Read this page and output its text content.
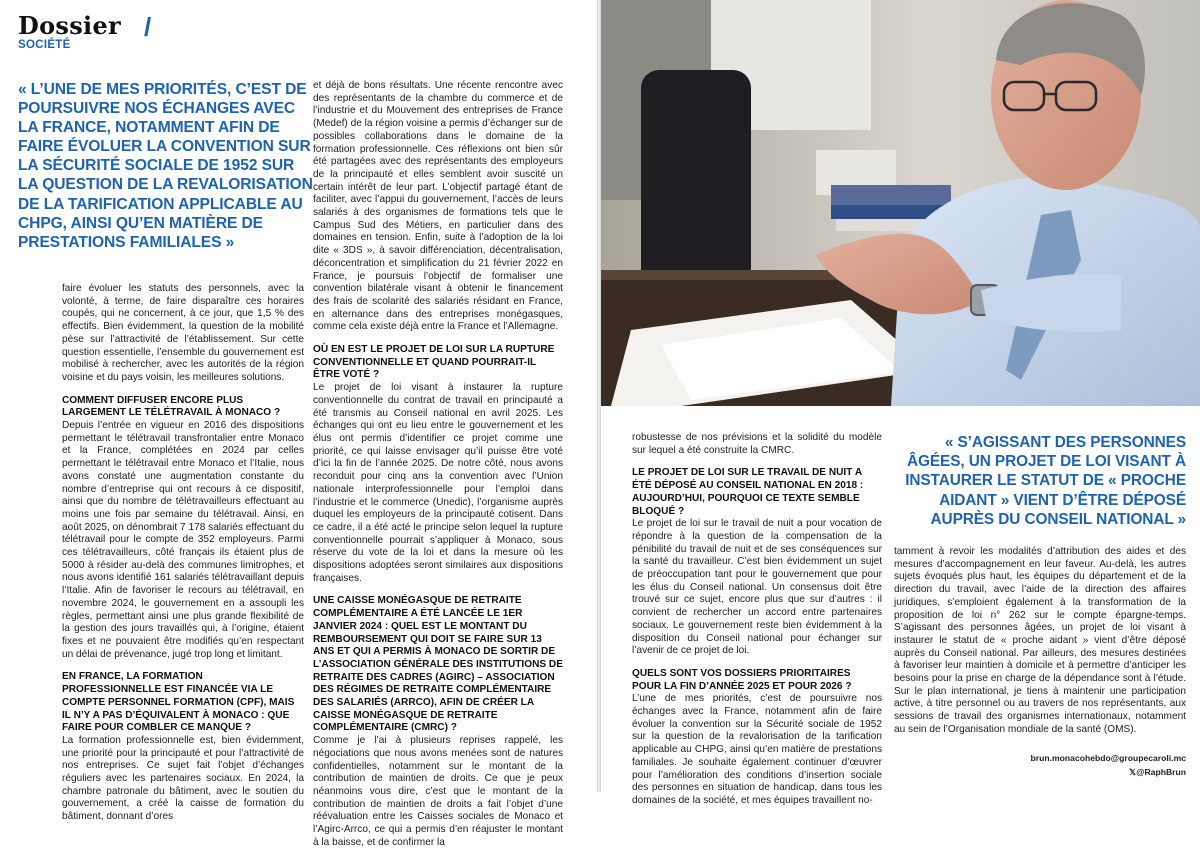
Dossier /
SOCIÉTÉ
« L’UNE DE MES PRIORITÉS, C’EST DE POURSUIVRE NOS ÉCHANGES AVEC LA FRANCE, NOTAMMENT AFIN DE FAIRE ÉVOLUER LA CONVENTION SUR LA SÉCURITÉ SOCIALE DE 1952 SUR LA QUESTION DE LA REVALORISATION DE LA TARIFICATION APPLICABLE AU CHPG, AINSI QU’EN MATIÈRE DE PRESTATIONS FAMILIALES »

faire évoluer les statuts des personnels, avec la volonté, à terme, de faire disparaître ces horaires coupés, qui ne concernent, à ce jour, que 1,5 % des effectifs. Bien évidemment, la question de la mobilité pèse sur l’attractivité de l’établissement. Sur cette question essentielle, l’ensemble du gouvernement est mobilisé à rechercher, avec les autorités de la région voisine et du pays voisin, les meilleures solutions.

COMMENT DIFFUSER ENCORE PLUS LARGEMENT LE TÉLÉTRAVAIL À MONACO ?

Depuis l’entrée en vigueur en 2016 des dispositions permettant le télétravail transfrontalier entre Monaco et la France, complétées en 2024 par celles permettant le télétravail entre Monaco et l’Italie, nous avons constaté une augmentation constante du nombre d’entreprise qui ont recours à ce dispositif, ainsi que du nombre de télétravailleurs effectuant au moins une fois par semaine du télétravail. Ainsi, en août 2025, on dénombrait 7 178 salariés effectuant du télétravail pour le compte de 352 employeurs. Parmi ces télétravailleurs, côté français ils étaient plus de 5000 à résider au-delà des communes limitrophes, et nous avons identifié 161 salariés télétravaillant depuis l’Italie. Afin de favoriser le recours au télétravail, en novembre 2024, le gouvernement en a assoupli les règles, permettant ainsi une plus grande flexibilité de la gestion des jours travaillés qui, à l’origine, étaient fixes et ne pouvaient être modifiés qu’en respectant un délai de prévenance, jugé trop long et limitant.

EN FRANCE, LA FORMATION PROFESSIONNELLE EST FINANCÉE VIA LE COMPTE PERSONNEL FORMATION (CPF), MAIS IL N’Y A PAS D’ÉQUIVALENT À MONACO : QUE FAIRE POUR COMBLER CE MANQUE ?

La formation professionnelle est, bien évidemment, une priorité pour la principauté et pour l’attractivité de nos entreprises. Ce sujet fait l’objet d’échanges réguliers avec les partenaires sociaux. En 2024, la chambre patronale du bâtiment, avec le soutien du gouvernement, a créé la caisse de formation du bâtiment, donnant d’ores

et déjà de bons résultats. Une récente rencontre avec des représentants de la chambre du commerce et de l’industrie et du Mouvement des entreprises de France (Medef) de la région voisine a permis d’échanger sur de possibles collaborations dans le domaine de la formation professionnelle. Ces réflexions ont bien sûr été partagées avec des représentants des employeurs de la principauté et elles semblent avoir suscité un certain intérêt de leur part. L’objectif partagé étant de faciliter, avec l’appui du gouvernement, l’accès de leurs salariés à des organismes de formations tels que le Campus Sud des Métiers, en particulier dans des domaines en tension. Enfin, suite à l’adoption de la loi dite « 3DS », à savoir différenciation, décentralisation, déconcentration et simplification du 21 février 2022 en France, je poursuis l’objectif de formaliser une convention bilatérale visant à obtenir le financement des frais de scolarité des salariés résidant en France, en alternance dans des entreprises monégasques, comme cela existe déjà entre la France et l’Allemagne.

OÙ EN EST LE PROJET DE LOI SUR LA RUPTURE CONVENTIONNELLE ET QUAND POURRAIT-IL ÊTRE VOTÉ ?

Le projet de loi visant à instaurer la rupture conventionnelle du contrat de travail en principauté a été transmis au Conseil national en avril 2025. Les échanges qui ont eu lieu entre le gouvernement et les élus ont permis d’identifier ce projet comme une priorité, ce qui laisse envisager qu’il puisse être voté d’ici la fin de l’année 2025. De notre côté, nous avons reconduit pour cinq ans la convention avec l’Union nationale interprofessionnelle pour l’emploi dans l’industrie et le commerce (Unedic), l’organisme auprès duquel les employeurs de la principauté cotisent. Dans ce cadre, il a été acté le principe selon lequel la rupture conventionnelle pourrait s’appliquer à Monaco, sous réserve du vote de la loi et dans la mesure où les dispositions adoptées seront similaires aux dispositions françaises.

UNE CAISSE MONÉGASQUE DE RETRAITE COMPLÉMENTAIRE A ÉTÉ LANCÉE LE 1ER JANVIER 2024 : QUEL EST LE MONTANT DU REMBOURSEMENT QUI DOIT SE FAIRE SUR 13 ANS ET QUI A PERMIS À MONACO DE SORTIR DE L’ASSOCIATION GÉNÉRALE DES INSTITUTIONS DE RETRAITE DES CADRES (AGIRC) – ASSOCIATION DES RÉGIMES DE RETRAITE COMPLÉMENTAIRE DES SALARIÉS (ARRCO), AFIN DE CRÉER LA CAISSE MONÉGASQUE DE RETRAITE COMPLÉMENTAIRE (CMRC) ?

Comme je l’ai à plusieurs reprises rappelé, les négociations que nous avons menées sont de natures confidentielles, notamment sur le montant de la contribution de maintien de droits. Ce que je peux néanmoins vous dire, c’est que le montant de la contribution de maintien de droits a fait l’objet d’une réévaluation entre les Caisses sociales de Monaco et l’Agirc-Arrco, ce qui a permis d’en réajuster le montant à la baisse, et de confirmer la

« S’AGISSANT DES PERSONNES ÂGÉES, UN PROJET DE LOI VISANT À INSTAURER LE STATUT DE « PROCHE AIDANT » VIENT D’ÊTRE DÉPOSÉ AUPRÈS DU CONSEIL NATIONAL »

robustesse de nos prévisions et la solidité du modèle sur lequel a été construite la CMRC.

LE PROJET DE LOI SUR LE TRAVAIL DE NUIT A ÉTÉ DÉPOSÉ AU CONSEIL NATIONAL EN 2018 : AUJOURD’HUI, POURQUOI CE TEXTE SEMBLE BLOQUÉ ?

Le projet de loi sur le travail de nuit a pour vocation de répondre à la question de la compensation de la pénibilité du travail de nuit et de ses conséquences sur la santé du travailleur. C’est bien évidemment un sujet de préoccupation tant pour le gouvernement que pour les élus du Conseil national. Un consensus doit être trouvé sur ce sujet, encore plus que sur d’autres : il convient de rechercher un accord entre partenaires sociaux. Le gouvernement reste bien évidemment à la disposition du Conseil national pour échanger sur l’avenir de ce projet de loi.

QUELS SONT VOS DOSSIERS PRIORITAIRES POUR LA FIN D’ANNÉE 2025 ET POUR 2026 ?

L’une de mes priorités, c’est de poursuivre nos échanges avec la France, notamment afin de faire évoluer la convention sur la Sécurité sociale de 1952 sur la question de la revalorisation de la tarification applicable au CHPG, ainsi qu’en matière de prestations familiales. Je souhaite également continuer d’œuvrer pour l’amélioration des conditions d’insertion sociale des personnes en situation de handicap, dans tous les domaines de la société, et mes équipes travaillent no-

tamment à revoir les modalités d’attribution des aides et des mesures d’accompagnement en leur faveur. Au-delà, les autres sujets évoqués plus haut, les équipes du département et de la direction du travail, avec l’aide de la direction des affaires juridiques, s’emploient également à la transformation de la proposition de loi n° 262 sur le compte épargne-temps. S’agissant des personnes âgées, un projet de loi visant à instaurer le statut de « proche aidant » vient d’être déposé auprès du Conseil national. Par ailleurs, des mesures destinées à favoriser leur maintien à domicile et à permettre d’anticiper les besoins pour la prise en charge de la dépendance sont à l’étude. Sur le plan international, je tiens à maintenir une participation active, à titre personnel ou au travers de nos représentants, aux sessions de travail des organismes internationaux, notamment au sein de l’Organisation mondiale de la santé (OMS).

brun.monacohebdo@groupecaroli.mc
𝕏@RaphBrun
